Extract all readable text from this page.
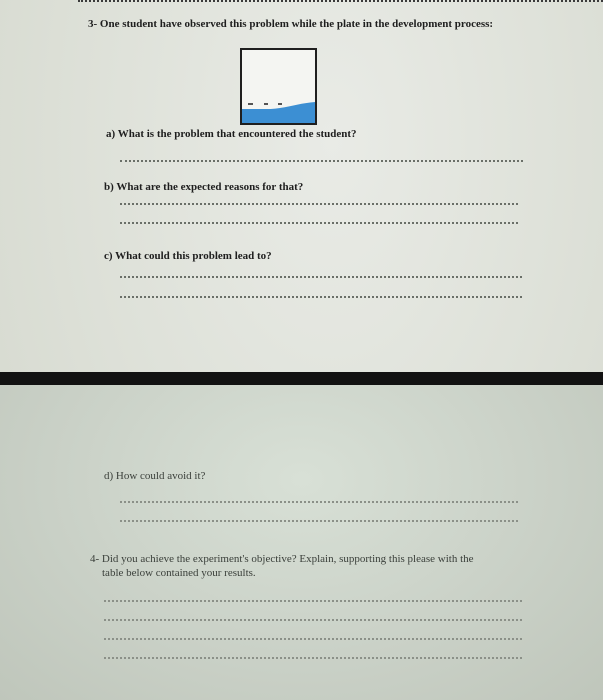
3- One student have observed this problem while the plate in the development process:
a) What is the problem that encountered the student?
b) What are the expected reasons for that?
c) What could this problem lead to?
d) How could avoid it?
4- Did you achieve the experiment's objective? Explain, supporting this please with the
table below contained your results.
